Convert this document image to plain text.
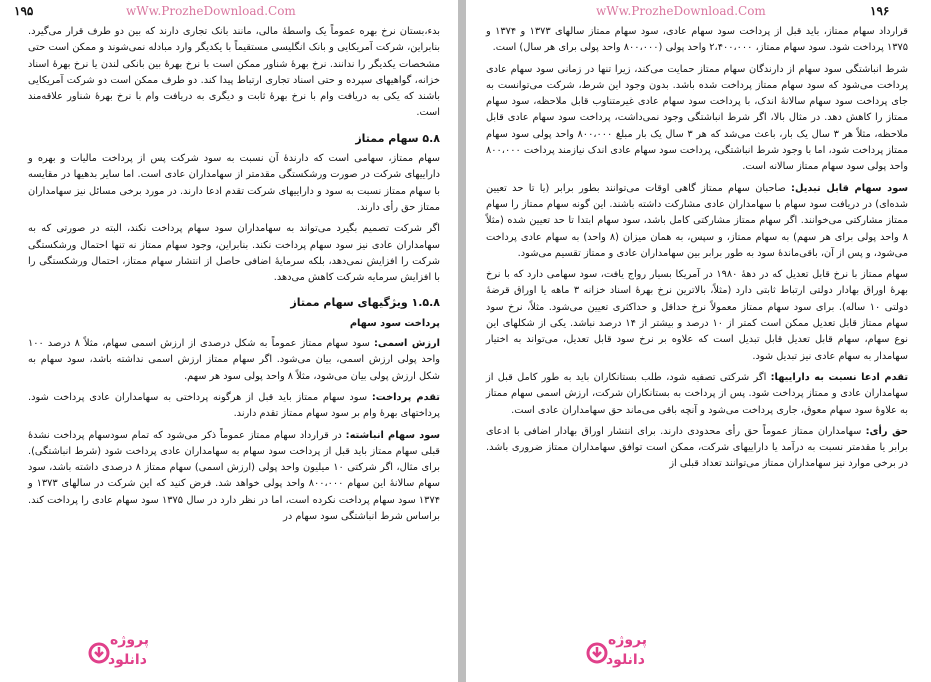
۱۹۵	wWw.ProzheDownload.Com

بدء،بستان نرخ بهره عموماً یک واسطهٔ مالی، مانند بانک تجاری دارند که بین دو طرف قرار می‌گیرد. بنابراین، شرکت آمریکایی و بانک انگلیسی مستقیماً با یکدیگر وارد مبادله نمی‌شوند و ممکن است حتی مشخصات یکدیگر را ندانند. نرخ بهرهٔ شناور ممکن است با نرخ بهرهٔ بین بانکی لندن یا نرخ بهرهٔ اسناد خزانه، گواهیهای سپرده و حتی اسناد تجاری ارتباط پیدا کند. دو طرف ممکن است دو شرکت آمریکایی باشند که یکی به دریافت وام با نرخ بهرهٔ ثابت و دیگری به دریافت وام با نرخ بهرهٔ شناور علاقه‌مند است.

۵.۸ سهام ممتاز

سهام ممتاز، سهامی است که دارندهٔ آن نسبت به سود شرکت پس از پرداخت مالیات و بهره و داراییهای شرکت در صورت ورشکستگی مقدمتر از سهامداران عادی است. اما سایر بدهیها در مقایسه با سهام ممتاز نسبت به سود و داراییهای شرکت تقدم ادعا دارند. در مورد برخی مسائل نیز سهامداران ممتاز حق رأی دارند.

اگر شرکت تصمیم بگیرد می‌تواند به سهامداران سود سهام پرداخت نکند، البته در صورتی که به سهامداران عادی نیز سود سهام پرداخت نکند. بنابراین، وجود سهام ممتاز نه تنها احتمال ورشکستگی شرکت را افزایش نمی‌دهد، بلکه سرمایهٔ اضافی حاصل از انتشار سهام ممتاز، احتمال ورشکستگی را با افزایش سرمایه شرکت کاهش می‌دهد.

۱.۵.۸ ویژگیهای سهام ممتاز
پرداخت سود سهام

ارزش اسمی: سود سهام ممتاز عموماً به شکل درصدی از ارزش اسمی سهام، مثلاً ۸ درصد ۱۰۰ واحد پولی ارزش اسمی، بیان می‌شود. اگر سهام ممتاز ارزش اسمی نداشته باشد، سود سهام به شکل ارزش پولی بیان می‌شود، مثلاً ۸ واحد پولی سود هر سهم.

تقدم پرداخت: سود سهام ممتاز باید قبل از هرگونه پرداختی به سهامداران عادی پرداخت شود. پرداختهای بهرهٔ وام بر سود سهام ممتاز تقدم دارند.

سود سهام انباشته: در قرارداد سهام ممتاز عموماً ذکر می‌شود که تمام سودسهام پرداخت نشدهٔ قبلی سهام ممتاز باید قبل از پرداخت سود سهام به سهامداران عادی پرداخت شود (شرط انباشتگی). برای مثال، اگر شرکتی ۱۰ میلیون واحد پولی (ارزش اسمی) سهام ممتاز ۸ درصدی داشته باشد، سود سهام سالانهٔ این سهام ۸۰۰،۰۰۰ واحد پولی خواهد شد. فرض کنید که این شرکت در سالهای ۱۳۷۳ و ۱۳۷۴ سود سهام پرداخت نکرده است، اما در نظر دارد در سال ۱۳۷۵ سود سهام عادی را پرداخت کند. براساس شرط انباشتگی سود سهام در

پروژه
دانلود
۱۹۶
wWw.ProzheDownload.Com

قرارداد سهام ممتاز، باید قبل از پرداخت سود سهام عادی، سود سهام ممتاز سالهای ۱۳۷۳ و ۱۳۷۴ و ۱۳۷۵ پرداخت شود. سود سهام ممتاز، ۲،۴۰۰،۰۰۰ واحد پولی (۸۰۰،۰۰۰ واحد پولی برای هر سال) است.

شرط انباشتگی سود سهام از دارندگان سهام ممتاز حمایت می‌کند، زیرا تنها در زمانی سود سهام عادی پرداخت می‌شود که سود سهام ممتاز پرداخت شده باشد. بدون وجود این شرط، شرکت می‌توانست به جای پرداخت سود سهام سالانهٔ اندک، با پرداخت سود سهام عادی غیرمتناوب قابل ملاحظه، سود سهام ممتاز را کاهش دهد. در مثال بالا، اگر شرط انباشتگی وجود نمی‌داشت، پرداخت سود سهام عادی قابل ملاحظه، مثلاً هر ۳ سال یک بار، باعث می‌شد که هر ۳ سال یک بار مبلغ ۸۰۰،۰۰۰ واحد پولی سود سهام ممتاز پرداخت شود، اما با وجود شرط انباشتگی، پرداخت سود سهام عادی اندک نیازمند پرداخت ۸۰۰،۰۰۰ واحد پولی سود سهام ممتاز سالانه است.

سود سهام قابل تبدیل: صاحبان سهام ممتاز گاهی اوقات می‌توانند بطور برابر (یا تا حد تعیین شده‌ای) در دریافت سود سهام با سهامداران عادی مشارکت داشته باشند. این گونه سهام ممتاز را سهام ممتاز مشارکتی می‌خوانند. اگر سهام ممتاز مشارکتی کامل باشد، سود سهام ابتدا تا حد تعیین شده (مثلاً ۸ واحد پولی برای هر سهم) به سهام ممتاز، و سپس، به همان میزان (۸ واحد) به سهام عادی پرداخت می‌شود، و پس از آن، باقی‌ماندهٔ سود به طور برابر بین سهامداران عادی و ممتاز تقسیم می‌شود.

سهام ممتاز با نرخ قابل تعدیل که در دههٔ ۱۹۸۰ در آمریکا بسیار رواج یافت، سود سهامی دارد که با نرخ بهرهٔ اوراق بهادار دولتی ارتباط ثابتی دارد (مثلاً، بالاترین نرخ بهرهٔ اسناد خزانه ۳ ماهه یا اوراق قرضهٔ دولتی ۱۰ ساله). برای سود سهام ممتاز معمولاً نرخ حداقل و حداکثری تعیین می‌شود. مثلاً، نرخ سود سهام ممتاز قابل تعدیل ممکن است کمتر از ۱۰ درصد و بیشتر از ۱۴ درصد نباشد. یکی از شکلهای این نوع سهام، سهام قابل تعدیل قابل تبدیل است که علاوه بر نرخ سود قابل تعدیل، می‌تواند به اختیار سهامدار به سهام عادی نیز تبدیل شود.

تقدم ادعا نسبت به داراییها: اگر شرکتی تصفیه شود، طلب بستانکاران باید به طور کامل قبل از سهامداران عادی و ممتاز پرداخت شود. پس از پرداخت به بستانکاران شرکت، ارزش اسمی سهام ممتاز به علاوهٔ سود سهام معوق، جاری پرداخت می‌شود و آنچه باقی می‌ماند حق سهامداران عادی است.

حق رأی: سهامداران ممتاز عموماً حق رأی محدودی دارند. برای انتشار اوراق بهادار اضافی با ادعای برابر یا مقدمتر نسبت به درآمد یا داراییهای شرکت، ممکن است توافق سهامداران ممتاز ضروری باشد. در برخی موارد نیز سهامداران ممتاز می‌توانند تعداد قبلی از

پروژه
دانلود
